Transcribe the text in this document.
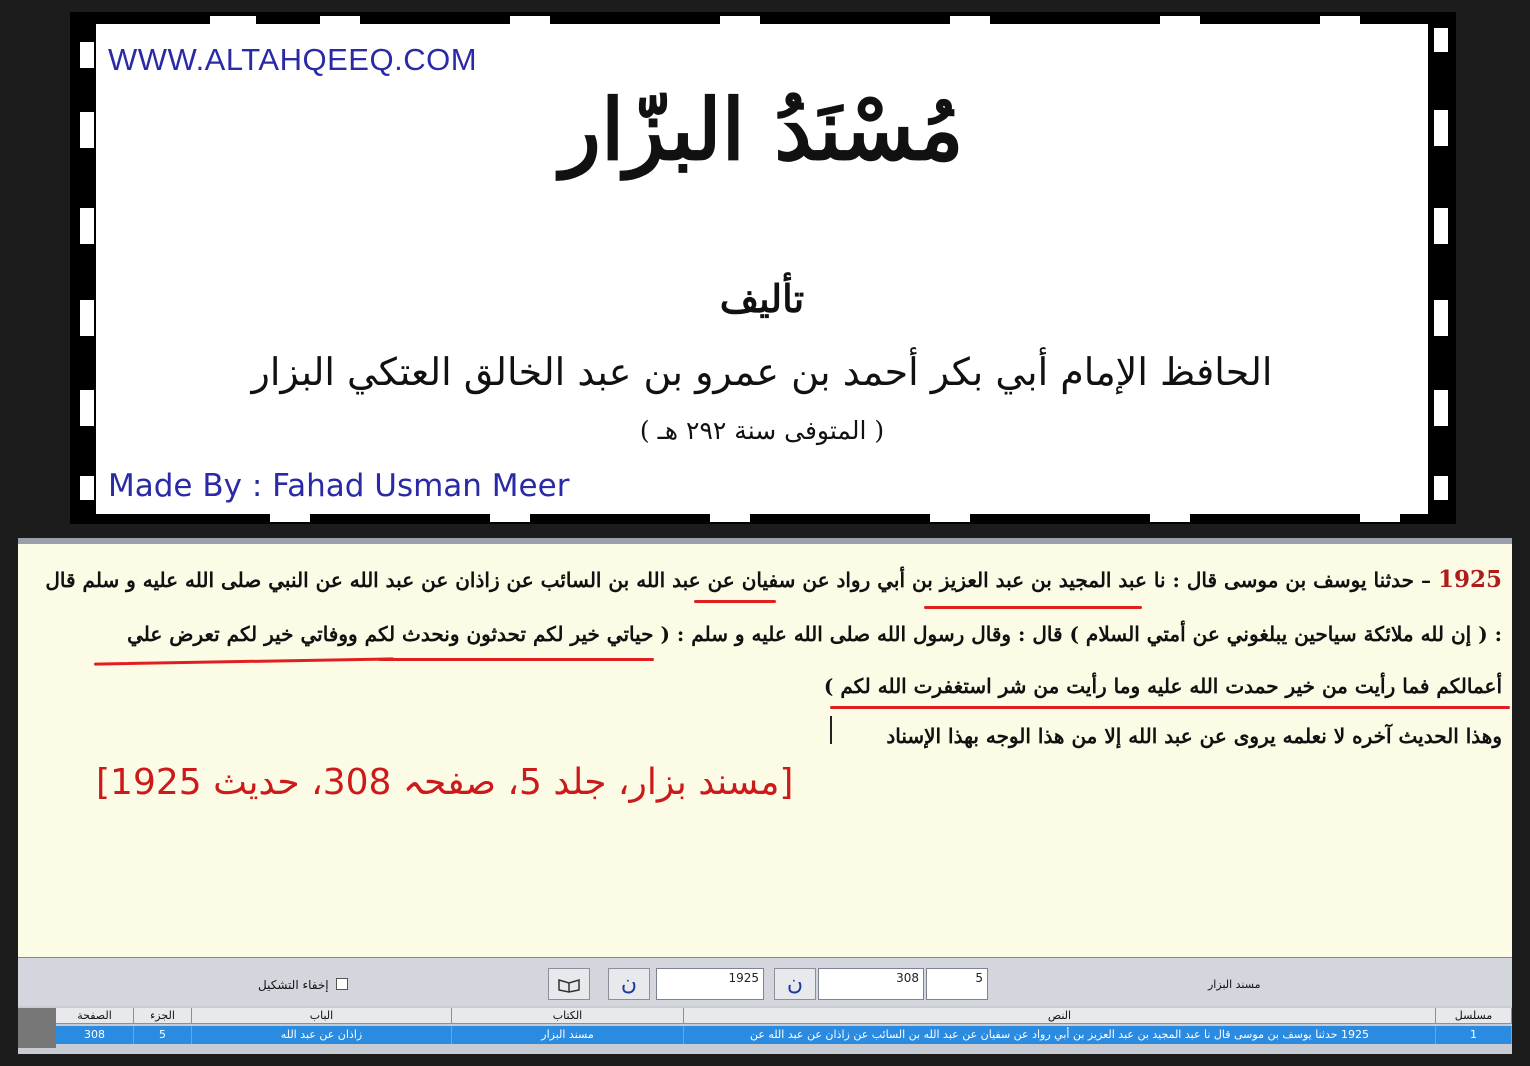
WWW.ALTAHQEEQ.COM
مُسْنَدُ البزّار
تأليف
الحافظ الإمام أبي بكر أحمد بن عمرو بن عبد الخالق العتكي البزار
( المتوفى سنة ٢٩٢ هـ )
Made By : Fahad Usman Meer
1925 – حدثنا يوسف بن موسى قال : نا عبد المجيد بن عبد العزيز بن أبي رواد عن سفيان عن عبد الله بن السائب عن زاذان عن عبد الله عن النبي صلى الله عليه و سلم قال
: ( إن لله ملائكة سياحين يبلغوني عن أمتي السلام ) قال : وقال رسول الله صلى الله عليه و سلم : ( حياتي خير لكم تحدثون ونحدث لكم ووفاتي خير لكم تعرض علي
أعمالكم فما رأيت من خير حمدت الله عليه وما رأيت من شر استغفرت الله لكم )
وهذا الحديث آخره لا نعلمه يروى عن عبد الله إلا من هذا الوجه بهذا الإسناد
[مسند بزار، جلد 5، صفحہ 308، حدیث 1925]
إخفاء التشكيل	ن	1925	ن	308	5	مسند البزار
الصفحة	الجزء	الباب	الكتاب	النص	مسلسل
308	5	زاذان عن عبد الله	مسند البزار	1925 حدثنا يوسف بن موسى قال نا عبد المجيد بن عبد العزيز بن أبي رواد عن سفيان عن عبد الله بن السائب عن زاذان عن عبد الله عن	1
